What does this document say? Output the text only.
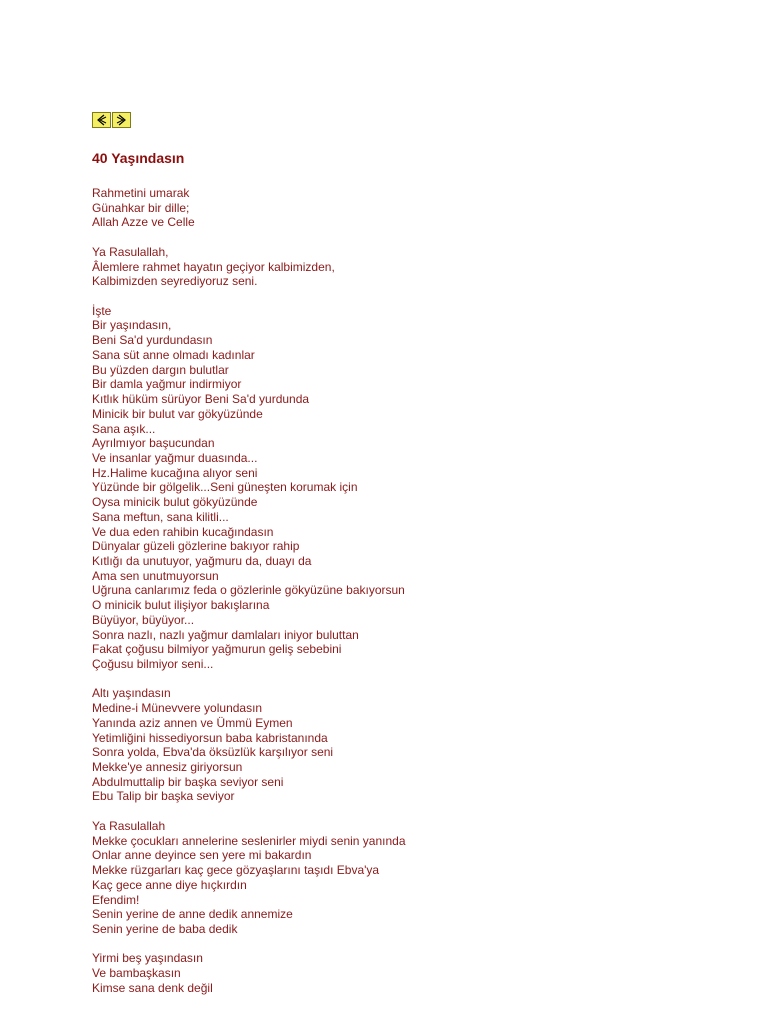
40 Yaşındasın
Rahmetini umarak
Günahkar bir dille;
Allah Azze ve Celle
Ya Rasulallah,
Âlemlere rahmet hayatın geçiyor kalbimizden,
Kalbimizden seyrediyoruz seni.
İşte
Bir yaşındasın,
Beni Sa'd yurdundasın
Sana süt anne olmadı kadınlar
Bu yüzden dargın bulutlar
Bir damla yağmur indirmiyor
Kıtlık hüküm sürüyor Beni Sa'd yurdunda
Minicik bir bulut var gökyüzünde
Sana aşık...
Ayrılmıyor başucundan
Ve insanlar yağmur duasında...
Hz.Halime kucağına alıyor seni
Yüzünde bir gölgelik...Seni güneşten korumak için
Oysa minicik bulut gökyüzünde
Sana meftun, sana kilitli...
Ve dua eden rahibin kucağındasın
Dünyalar güzeli gözlerine bakıyor rahip
Kıtlığı da unutuyor, yağmuru da, duayı da
Ama sen unutmuyorsun
Uğruna canlarımız feda o gözlerinle gökyüzüne bakıyorsun
O minicik bulut ilişiyor bakışlarına
Büyüyor, büyüyor...
Sonra nazlı, nazlı yağmur damlaları iniyor buluttan
Fakat çoğusu bilmiyor yağmurun geliş sebebini
Çoğusu bilmiyor seni...
Altı yaşındasın
Medine-i Münevvere yolundasın
Yanında aziz annen ve Ümmü Eymen
Yetimliğini hissediyorsun baba kabristanında
Sonra yolda, Ebva'da öksüzlük karşılıyor seni
Mekke'ye annesiz giriyorsun
Abdulmuttalip bir başka seviyor seni
Ebu Talip bir başka seviyor
Ya Rasulallah
Mekke çocukları annelerine seslenirler miydi senin yanında
Onlar anne deyince sen yere mi bakardın
Mekke rüzgarları kaç gece gözyaşlarını taşıdı Ebva'ya
Kaç gece anne diye hıçkırdın
Efendim!
Senin yerine de anne dedik annemize
Senin yerine de baba dedik
Yirmi beş yaşındasın
Ve bambaşkasın
Kimse sana denk değil
